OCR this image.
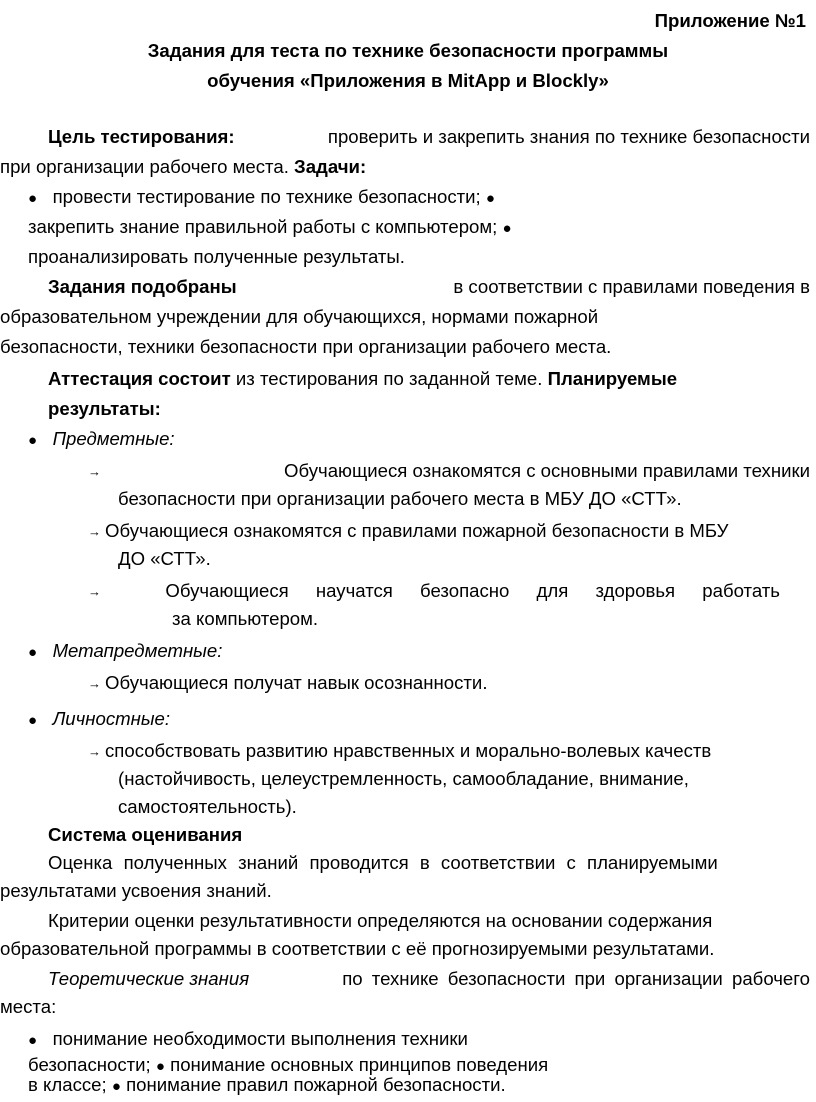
Приложение №1
Задания для теста по технике безопасности программы
обучения «Приложения в MitApp и Blockly»
Цель тестирования:	проверить и закрепить знания по технике безопасности
при организации рабочего места. Задачи:
● провести тестирование по технике безопасности; ●
закрепить знание правильной работы с компьютером; ●
проанализировать полученные результаты.
Задания подобраны	в соответствии с правилами поведения в
образовательном учреждении для обучающихся, нормами пожарной
безопасности, техники безопасности при организации рабочего места.
Аттестация состоит из тестирования по заданной теме. Планируемые
результаты:
● Предметные:
→	Обучающиеся ознакомятся с основными правилами техники
безопасности при организации рабочего места в МБУ ДО «СТТ».
→ Обучающиеся ознакомятся с правилами пожарной безопасности в МБУ
ДО «СТТ».
→	Обучающиеся научатся безопасно для здоровья работать
за компьютером.
● Метапредметные:
→ Обучающиеся получат навык осознанности.
● Личностные:
→ способствовать развитию нравственных и морально-волевых качеств
(настойчивость, целеустремленность, самообладание, внимание,
самостоятельность).
Система оценивания
Оценка полученных знаний проводится в соответствии с планируемыми
результатами усвоения знаний.
Критерии оценки результативности определяются на основании содержания
образовательной программы в соответствии с её прогнозируемыми результатами.
Теоретические знания	по технике безопасности при организации рабочего
места:
● понимание необходимости выполнения техники
безопасности; ● понимание основных принципов поведения
в классе; ● понимание правил пожарной безопасности.
